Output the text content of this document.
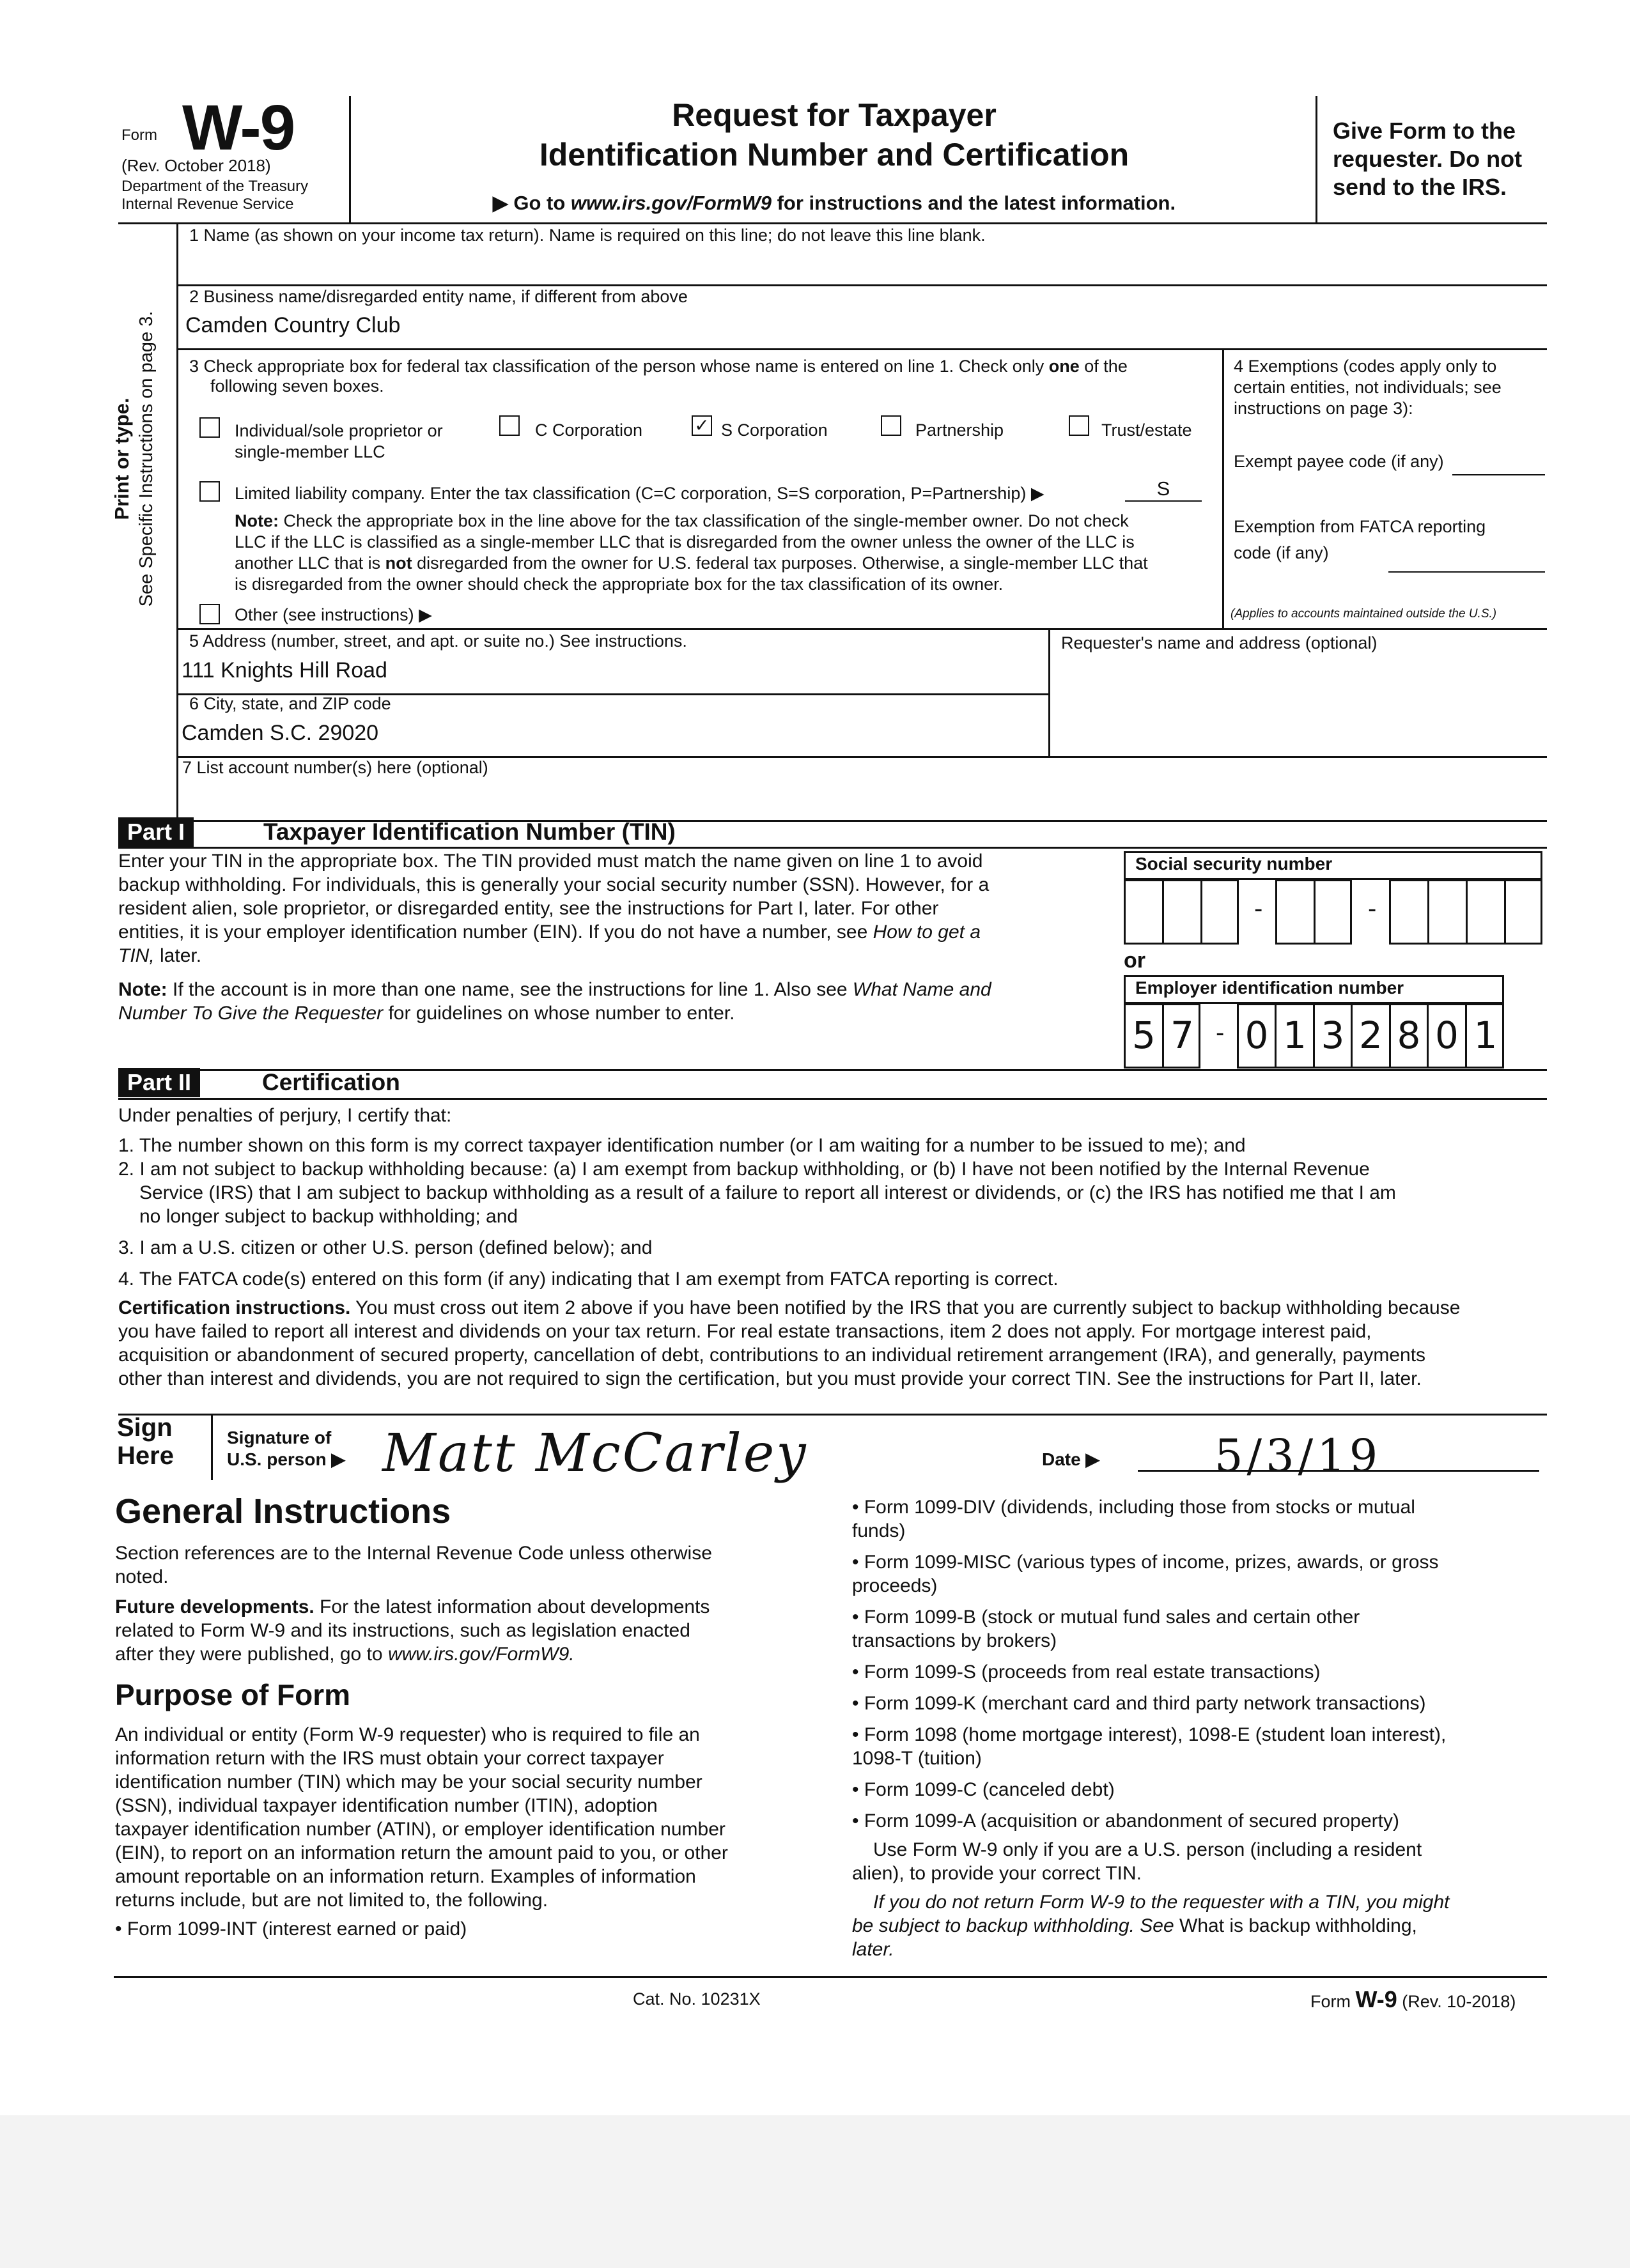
Form W-9
(Rev. October 2018)
Department of the Treasury
Internal Revenue Service
Request for Taxpayer
Identification Number and Certification
▶ Go to www.irs.gov/FormW9 for instructions and the latest information.
Give Form to the
requester. Do not
send to the IRS.
Print or type. See Specific Instructions on page 3.
1 Name (as shown on your income tax return). Name is required on this line; do not leave this line blank.
2 Business name/disregarded entity name, if different from above
Camden Country Club
3 Check appropriate box for federal tax classification of the person whose name is entered on line 1. Check only one of the
following seven boxes.
Individual/sole proprietor or
single-member LLC
C Corporation	✓ S Corporation	Partnership	Trust/estate
Limited liability company. Enter the tax classification (C=C corporation, S=S corporation, P=Partnership) ▶	S
Note: Check the appropriate box in the line above for the tax classification of the single-member owner. Do not check
LLC if the LLC is classified as a single-member LLC that is disregarded from the owner unless the owner of the LLC is
another LLC that is not disregarded from the owner for U.S. federal tax purposes. Otherwise, a single-member LLC that
is disregarded from the owner should check the appropriate box for the tax classification of its owner.
Other (see instructions) ▶
4 Exemptions (codes apply only to
certain entities, not individuals; see
instructions on page 3):
Exempt payee code (if any)
Exemption from FATCA reporting
code (if any)
(Applies to accounts maintained outside the U.S.)
5 Address (number, street, and apt. or suite no.) See instructions.
111 Knights Hill Road
Requester's name and address (optional)
6 City, state, and ZIP code
Camden S.C. 29020
7 List account number(s) here (optional)
Part I	Taxpayer Identification Number (TIN)
Enter your TIN in the appropriate box. The TIN provided must match the name given on line 1 to avoid
backup withholding. For individuals, this is generally your social security number (SSN). However, for a
resident alien, sole proprietor, or disregarded entity, see the instructions for Part I, later. For other
entities, it is your employer identification number (EIN). If you do not have a number, see How to get a
TIN, later.
Note: If the account is in more than one name, see the instructions for line 1. Also see What Name and
Number To Give the Requester for guidelines on whose number to enter.
Social security number
-	-
or
Employer identification number
5 7 - 0 1 3 2 8 0 1
Part II	Certification
Under penalties of perjury, I certify that:
1. The number shown on this form is my correct taxpayer identification number (or I am waiting for a number to be issued to me); and
2. I am not subject to backup withholding because: (a) I am exempt from backup withholding, or (b) I have not been notified by the Internal Revenue
Service (IRS) that I am subject to backup withholding as a result of a failure to report all interest or dividends, or (c) the IRS has notified me that I am
no longer subject to backup withholding; and
3. I am a U.S. citizen or other U.S. person (defined below); and
4. The FATCA code(s) entered on this form (if any) indicating that I am exempt from FATCA reporting is correct.
Certification instructions. You must cross out item 2 above if you have been notified by the IRS that you are currently subject to backup withholding because
you have failed to report all interest and dividends on your tax return. For real estate transactions, item 2 does not apply. For mortgage interest paid,
acquisition or abandonment of secured property, cancellation of debt, contributions to an individual retirement arrangement (IRA), and generally, payments
other than interest and dividends, you are not required to sign the certification, but you must provide your correct TIN. See the instructions for Part II, later.
Sign
Here
Signature of
U.S. person ▶ Matt McCarley	Date ▶	5/3/19
General Instructions
Section references are to the Internal Revenue Code unless otherwise
noted.
Future developments. For the latest information about developments
related to Form W-9 and its instructions, such as legislation enacted
after they were published, go to www.irs.gov/FormW9.
Purpose of Form
An individual or entity (Form W-9 requester) who is required to file an
information return with the IRS must obtain your correct taxpayer
identification number (TIN) which may be your social security number
(SSN), individual taxpayer identification number (ITIN), adoption
taxpayer identification number (ATIN), or employer identification number
(EIN), to report on an information return the amount paid to you, or other
amount reportable on an information return. Examples of information
returns include, but are not limited to, the following.
• Form 1099-INT (interest earned or paid)
• Form 1099-DIV (dividends, including those from stocks or mutual
funds)
• Form 1099-MISC (various types of income, prizes, awards, or gross
proceeds)
• Form 1099-B (stock or mutual fund sales and certain other
transactions by brokers)
• Form 1099-S (proceeds from real estate transactions)
• Form 1099-K (merchant card and third party network transactions)
• Form 1098 (home mortgage interest), 1098-E (student loan interest),
1098-T (tuition)
• Form 1099-C (canceled debt)
• Form 1099-A (acquisition or abandonment of secured property)
Use Form W-9 only if you are a U.S. person (including a resident
alien), to provide your correct TIN.
If you do not return Form W-9 to the requester with a TIN, you might
be subject to backup withholding. See What is backup withholding,
later.
Cat. No. 10231X	Form W-9 (Rev. 10-2018)
